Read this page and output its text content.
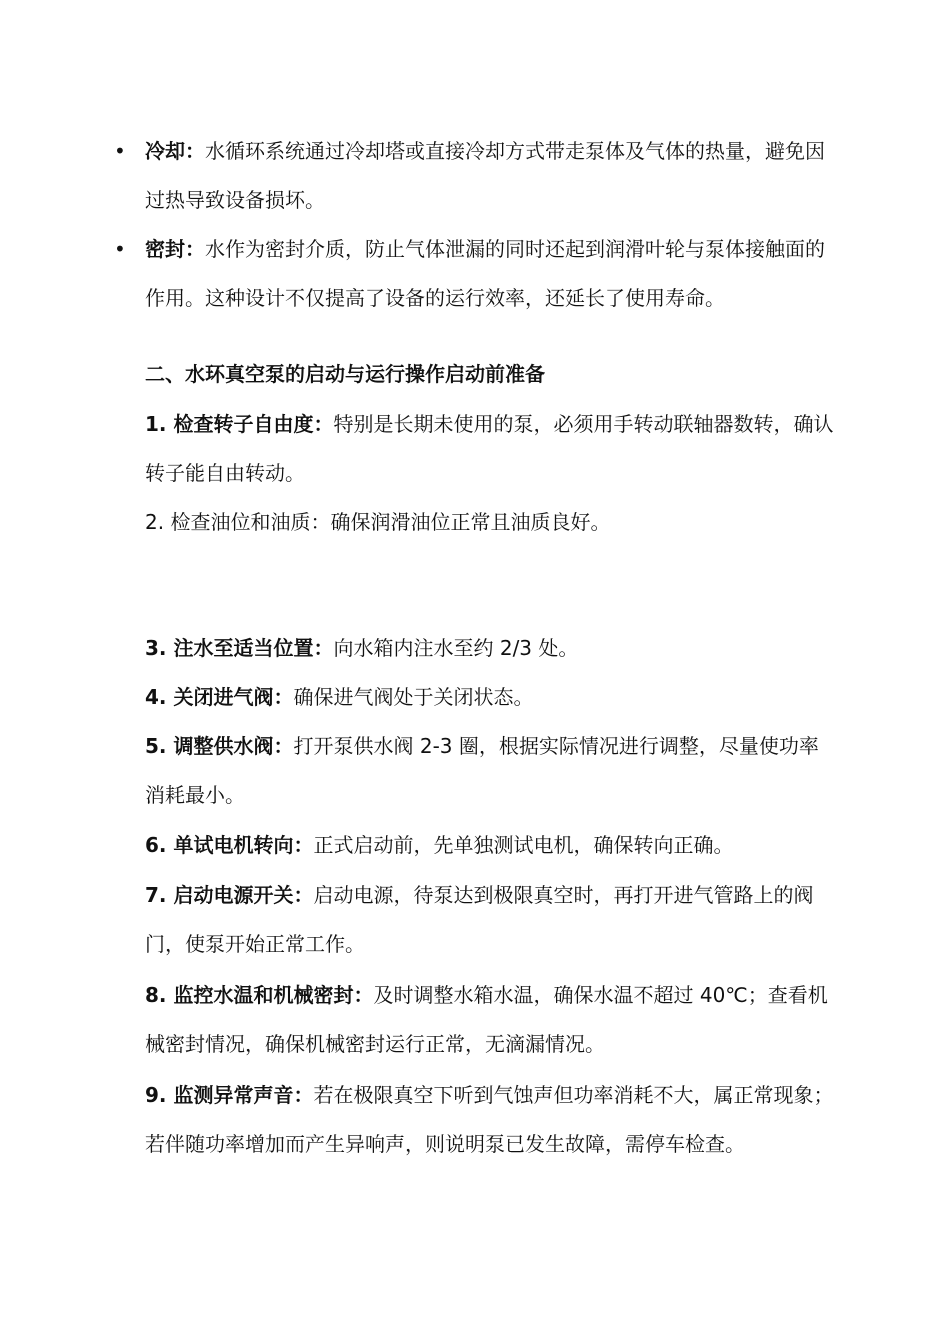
• 冷却：水循环系统通过冷却塔或直接冷却方式带走泵体及气体的热量，避免因过热导致设备损坏。

• 密封：水作为密封介质，防止气体泄漏的同时还起到润滑叶轮与泵体接触面的作用。这种设计不仅提高了设备的运行效率，还延长了使用寿命。

二、水环真空泵的启动与运行操作启动前准备

1. 检查转子自由度：特别是长期未使用的泵，必须用手转动联轴器数转，确认转子能自由转动。

2. 检查油位和油质：确保润滑油位正常且油质良好。

3. 注水至适当位置：向水箱内注水至约 2/3 处。

4. 关闭进气阀：确保进气阀处于关闭状态。

5. 调整供水阀：打开泵供水阀 2-3 圈，根据实际情况进行调整，尽量使功率消耗最小。

6. 单试电机转向：正式启动前，先单独测试电机，确保转向正确。

7. 启动电源开关：启动电源，待泵达到极限真空时，再打开进气管路上的阀门，使泵开始正常工作。

8. 监控水温和机械密封：及时调整水箱水温，确保水温不超过 40℃；查看机械密封情况，确保机械密封运行正常，无滴漏情况。

9. 监测异常声音：若在极限真空下听到气蚀声但功率消耗不大，属正常现象；若伴随功率增加而产生异响声，则说明泵已发生故障，需停车检查。
